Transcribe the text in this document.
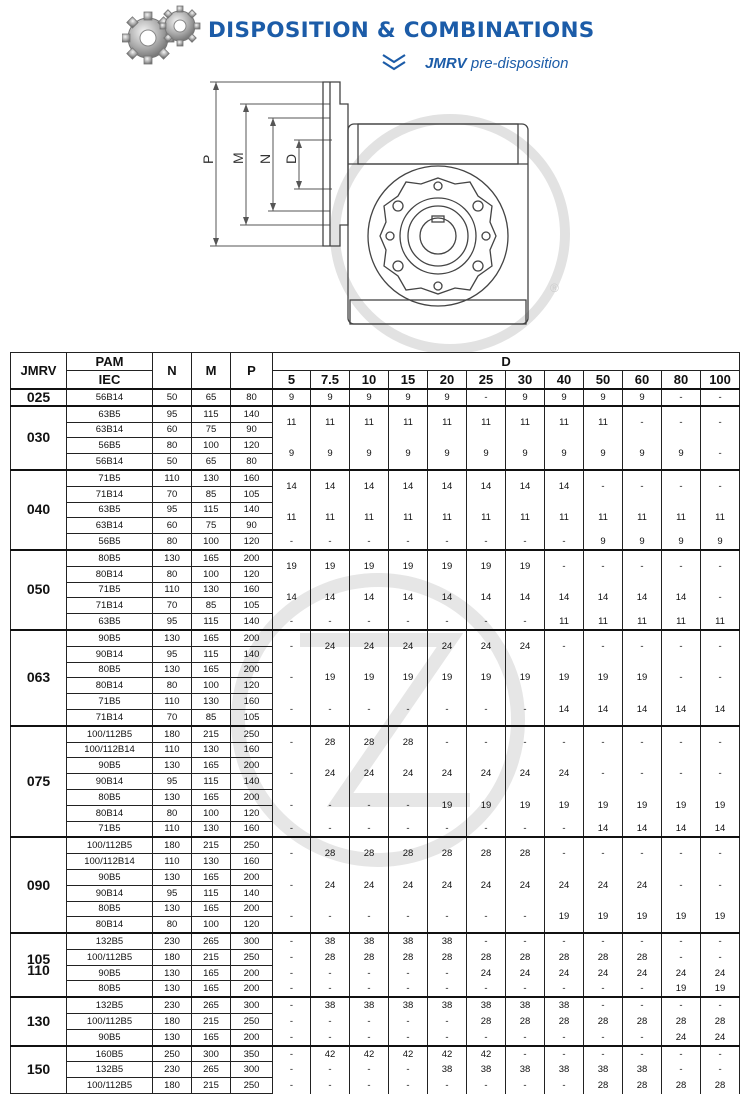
DISPOSITION & COMBINATIONS
JMRV pre-disposition
P M N D
®
JMRV	PAM	N	M	P	D											
	IEC				5	7.5	10	15	20	25	30	40	50	60	80	100
025	56B14	50	65	80	9	9	9	9	9	-	9	9	9	9	-	-
030	63B5	95	115	140	11	11	11	11	11	11	11	11	11	-	-	-
	63B14	60	75	90												
	56B5	80	100	120	9	9	9	9	9	9	9	9	9	9	9	-
	56B14	50	65	80												
040	71B5	110	130	160	14	14	14	14	14	14	14	14	-	-	-	-
	71B14	70	85	105												
	63B5	95	115	140	11	11	11	11	11	11	11	11	11	11	11	11
	63B14	60	75	90												
	56B5	80	100	120	-	-	-	-	-	-	-	-	9	9	9	9
050	80B5	130	165	200	19	19	19	19	19	19	19	-	-	-	-	-
	80B14	80	100	120												
	71B5	110	130	160	14	14	14	14	14	14	14	14	14	14	14	-
	71B14	70	85	105												
	63B5	95	115	140	-	-	-	-	-	-	-	11	11	11	11	11
063	90B5	130	165	200	-	24	24	24	24	24	24	-	-	-	-	-
	90B14	95	115	140												
	80B5	130	165	200	-	19	19	19	19	19	19	19	19	19	-	-
	80B14	80	100	120												
	71B5	110	130	160	-	-	-	-	-	-	-	14	14	14	14	14
	71B14	70	85	105												
075	100/112B5	180	215	250	-	28	28	28	-	-	-	-	-	-	-	-
	100/112B14	110	130	160												
	90B5	130	165	200	-	24	24	24	24	24	24	24	-	-	-	-
	90B14	95	115	140												
	80B5	130	165	200	-	-	-	-	19	19	19	19	19	19	19	19
	80B14	80	100	120												
	71B5	110	130	160	-	-	-	-	-	-	-	-	14	14	14	14
090	100/112B5	180	215	250	-	28	28	28	28	28	28	-	-	-	-	-
	100/112B14	110	130	160												
	90B5	130	165	200	-	24	24	24	24	24	24	24	24	24	-	-
	90B14	95	115	140												
	80B5	130	165	200	-	-	-	-	-	-	-	19	19	19	19	19
	80B14	80	100	120												
105
110	132B5	230	265	300	-	38	38	38	38	-	-	-	-	-	-	-
	100/112B5	180	215	250	-	28	28	28	28	28	28	28	28	28	-	-
	90B5	130	165	200	-	-	-	-	-	24	24	24	24	24	24	24
	80B5	130	165	200	-	-	-	-	-	-	-	-	-	-	19	19
130	132B5	230	265	300	-	38	38	38	38	38	38	38	-	-	-	-
	100/112B5	180	215	250	-	-	-	-	-	28	28	28	28	28	28	28
	90B5	130	165	200	-	-	-	-	-	-	-	-	-	-	24	24
150	160B5	250	300	350	-	42	42	42	42	42	-	-	-	-	-	-
	132B5	230	265	300	-	-	-	-	38	38	38	38	38	38	-	-
	100/112B5	180	215	250	-	-	-	-	-	-	-	-	28	28	28	28
